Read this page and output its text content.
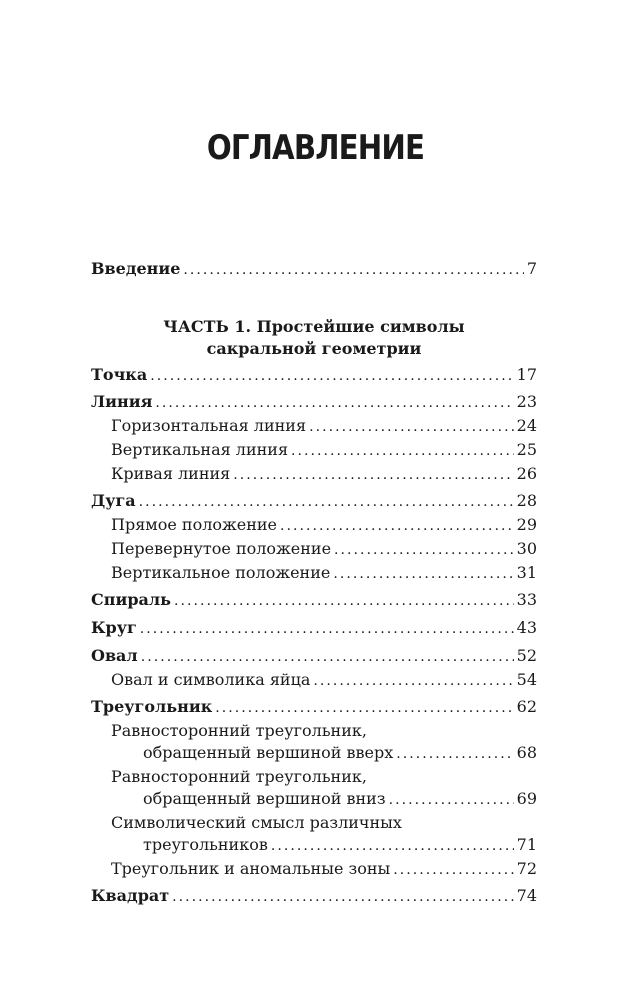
ОГЛАВЛЕНИЕ
Введение . . .	7
Точка . . .	17
Линия . . .	23
Горизонтальная линия . . .	24
Вертикальная линия . . .	25
Кривая линия . . .	26
Дуга . . .	28
Прямое положение . . .	29
Перевернутое положение . . .	30
Вертикальное положение . . .	31
Спираль . . .	33
Круг . . .	43
Овал . . .	52
Овал и символика яйца . . .	54
Треугольник . . .	62
Равносторонний треугольник,
обращенный вершиной вверх . . .	68
Равносторонний треугольник,
обращенный вершиной вниз . . .	69
Символический смысл различных
треугольников . . .	71
Треугольник и аномальные зоны . . .	72
Квадрат . . .	74
ЧАСТЬ 1. Простейшие символы
сакральной геометрии
